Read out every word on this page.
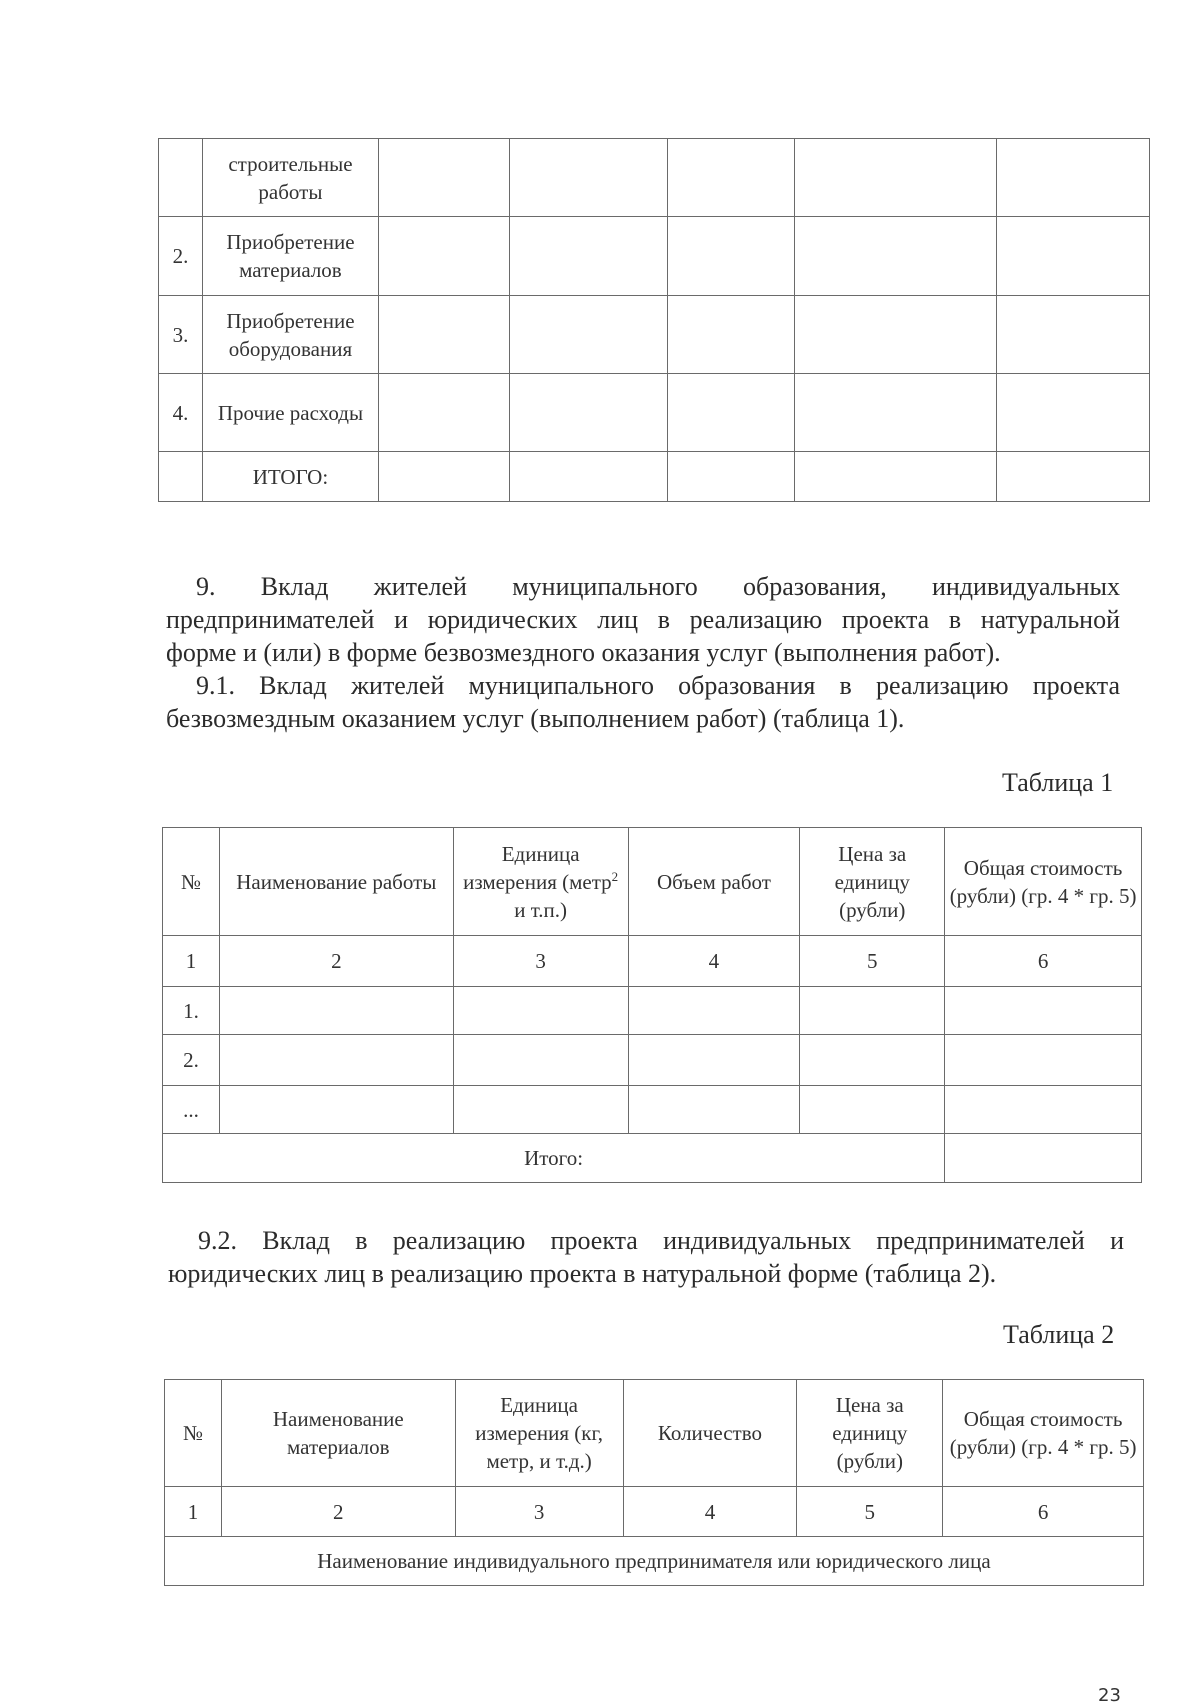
	строительные работы					
2.	Приобретение материалов					
3.	Приобретение оборудования					
4.	Прочие расходы					
	ИТОГО:					
9. Вклад жителей муниципального образования, индивидуальных
предпринимателей и юридических лиц в реализацию проекта в натуральной
форме и (или) в форме безвозмездного оказания услуг (выполнения работ).
9.1. Вклад жителей муниципального образования в реализацию проекта
безвозмездным оказанием услуг (выполнением работ) (таблица 1).
Таблица 1
№	Наименование работы	Единица измерения (метр$^2$ и т.п.)	Объем работ	Цена за единицу (рубли)	Общая стоимость (рубли) (гр. 4 * гр. 5)
1	2	3	4	5	6
1.					
2.					
...					
Итого:					
9.2. Вклад в реализацию проекта индивидуальных предпринимателей и
юридических лиц в реализацию проекта в натуральной форме (таблица 2).
Таблица 2
№	Наименование материалов	Единица измерения (кг, метр, и т.д.)	Количество	Цена за единицу (рубли)	Общая стоимость (рубли) (гр. 4 * гр. 5)
1	2	3	4	5	6
Наименование индивидуального предпринимателя или юридического лица					
23
